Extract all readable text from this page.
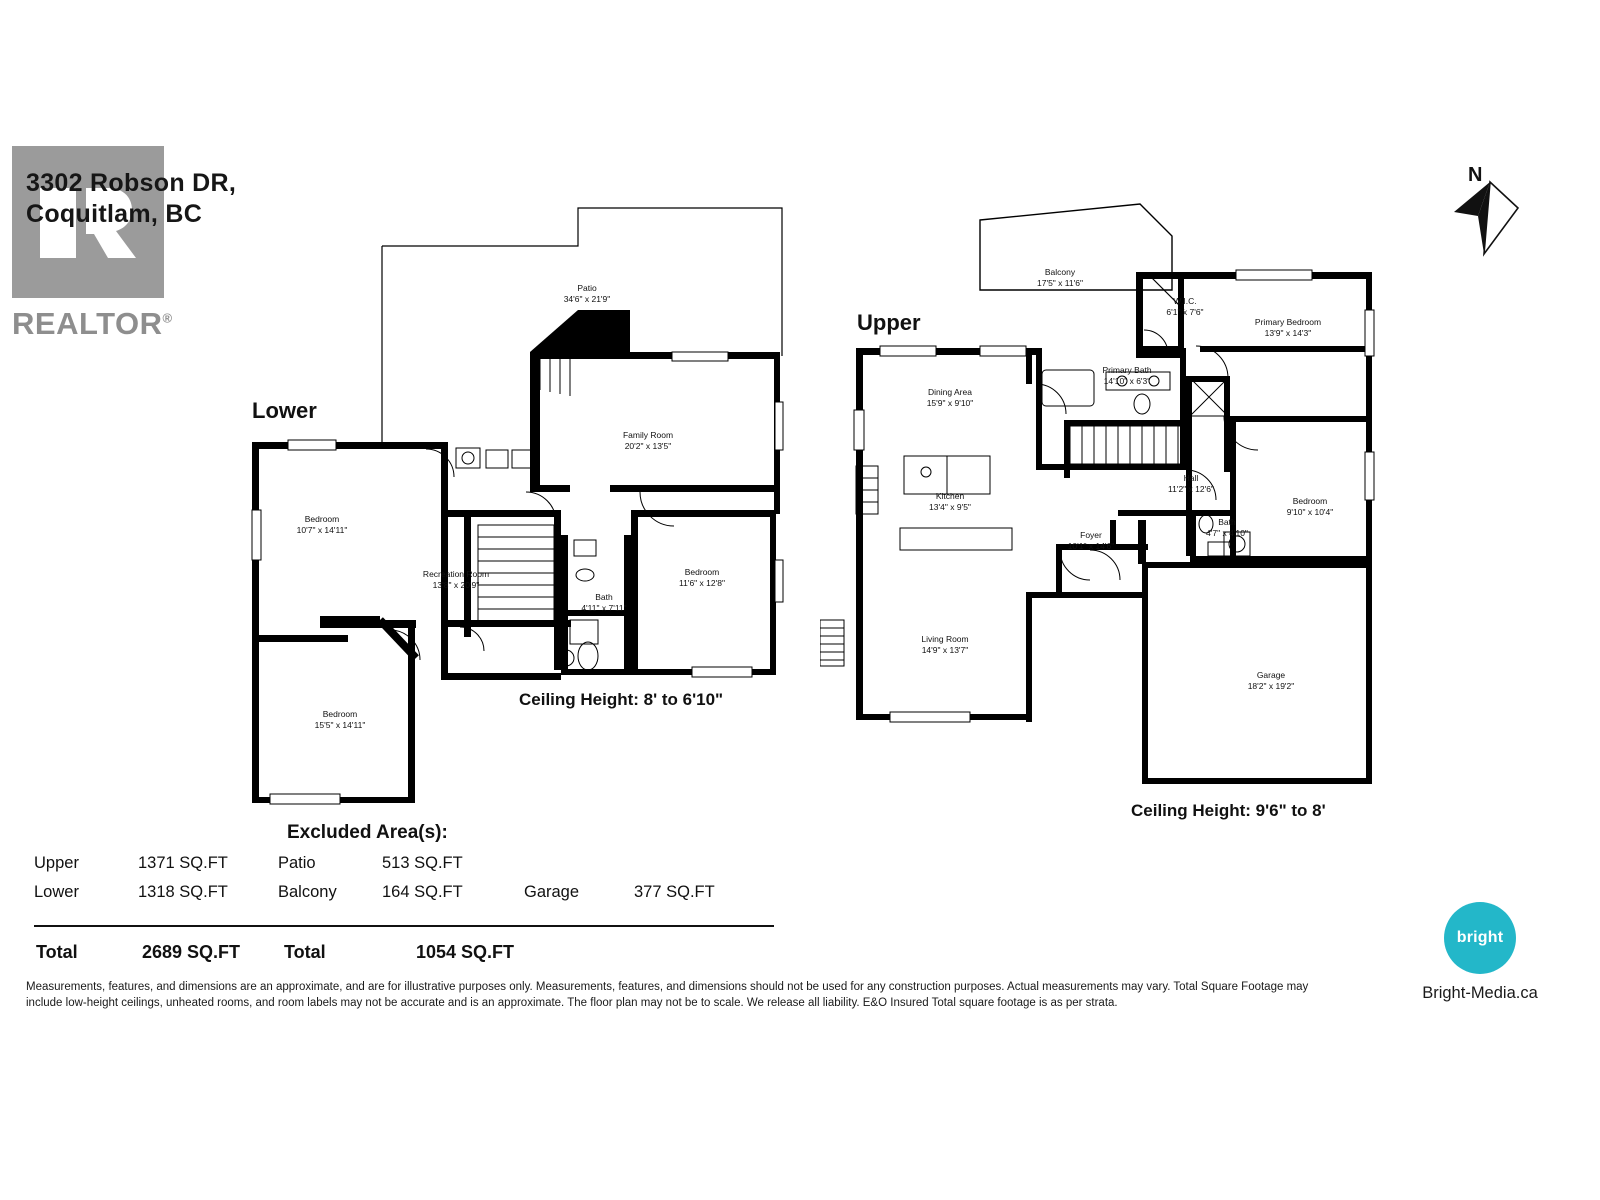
REALTOR®
3302 Robson DR,
Coquitlam, BC
N
Lower
Upper
Patio
34'6" x 21'9"
Family Room
20'2" x 13'5"
Bedroom
10'7" x 14'11"
Recreation Room
13'8" x 20'9"
Bath
4'11" x 7'11"
Bedroom
11'6" x 12'8"
Bedroom
15'5" x 14'11"
Balcony
17'5" x 11'6"
W.I.C.
6'1" x 7'6"
Primary Bedroom
13'9" x 14'3"
Primary Bath
14'10" x 6'3"
Dining Area
15'9" x 9'10"
Hall
11'2" x 12'6"
Bedroom
9'10" x 10'4"
Kitchen
13'4" x 9'5"
Bath
4'7" x 4'10"
Foyer
10'1" x 14'6"
Living Room
14'9" x 13'7"
Garage
18'2" x 19'2"
Ceiling Height: 8' to 6'10"
Ceiling Height: 9'6" to 8'
Excluded Area(s):
Upper	1371 SQ.FT	Patio	513 SQ.FT		
Lower	1318 SQ.FT	Balcony	164 SQ.FT	Garage	377 SQ.FT
Total	2689 SQ.FT	Total	1054 SQ.FT
Measurements, features, and dimensions are an approximate, and are for illustrative purposes only. Measurements, features, and dimensions should not be used for any construction purposes. Actual measurements may vary. Total Square Footage may include low-height ceilings, unheated rooms, and room labels may not be accurate and is an approximate. The floor plan may not be to scale. We release all liability. E&O Insured Total square footage is as per strata.
bright
Bright-Media.ca
